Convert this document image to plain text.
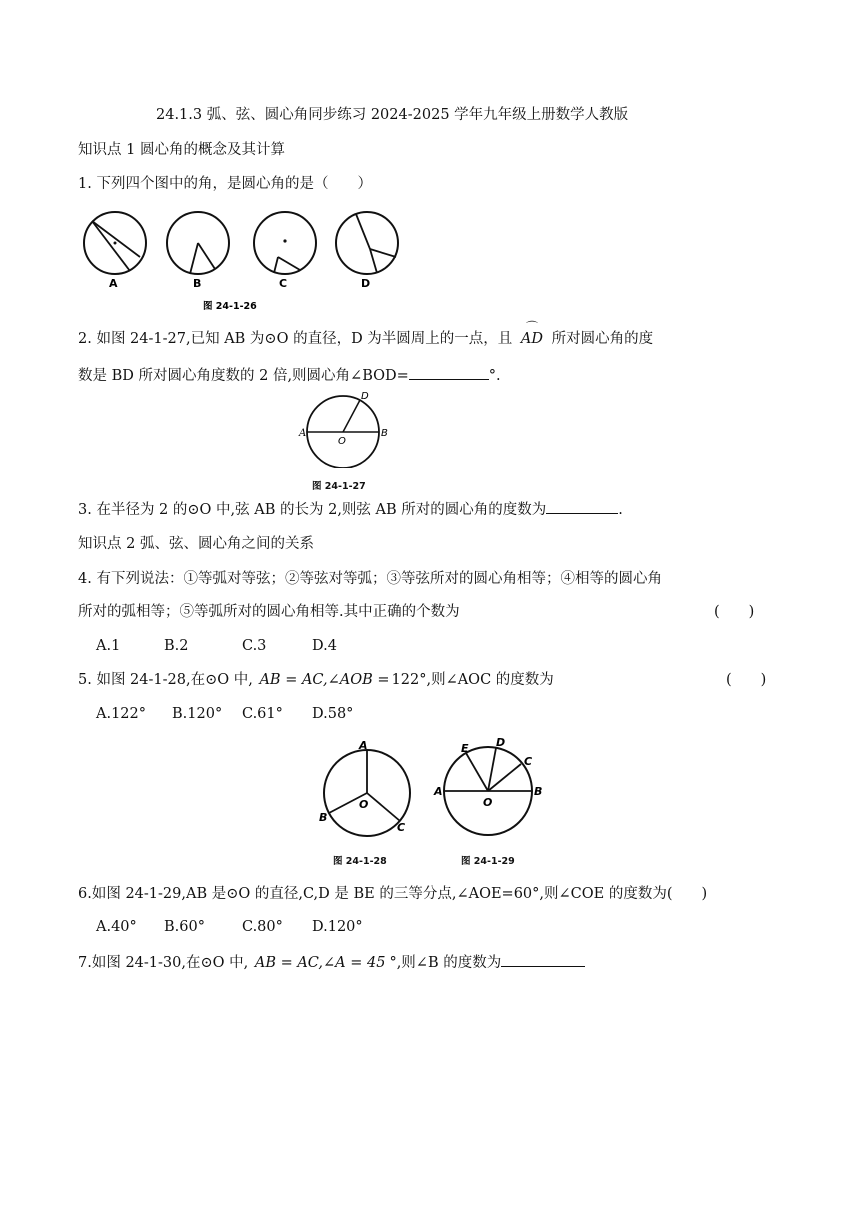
24.1.3 弧、弦、圆心角同步练习 2024-2025 学年九年级上册数学人教版
知识点 1 圆心角的概念及其计算
1. 下列四个图中的角，是圆心角的是（　　）
A	B	C	D
图 24-1-26
2. 如图 24-1-27,已知 AB 为⊙O 的直径，D 为半圆周上的一点，且 ⌒ AD 所对圆心角的度
数是 BD 所对圆心角度数的 2 倍,则圆心角∠BOD=	°.
A	B
O
D
图 24-1-27
3. 在半径为 2 的⊙O 中,弦 AB 的长为 2,则弦 AB 所对的圆心角的度数为	.
知识点 2 弧、弦、圆心角之间的关系
4. 有下列说法：①等弧对等弦；②等弦对等弧；③等弦所对的圆心角相等；④相等的圆心角
所对的弧相等；⑤等弧所对的圆心角相等.其中正确的个数为	(　　)
A.1	B.2	C.3	D.4
5. 如图 24-1-28,在⊙O 中, AB = AC,∠AOB = 122°,则∠AOC 的度数为	(　　)
A.122° B.120° C.61° D.58°
A
B
C
O
图 24-1-28
E D
C
A	B
O
图 24-1-29
6.如图 24-1-29,AB 是⊙O 的直径,C,D 是 BE 的三等分点,∠AOE=60°,则∠COE 的度数为(　　)
A.40° B.60°	C.80° D.120°
7.如图 24-1-30,在⊙O 中, AB = AC,∠A = 45 °,则∠B 的度数为
